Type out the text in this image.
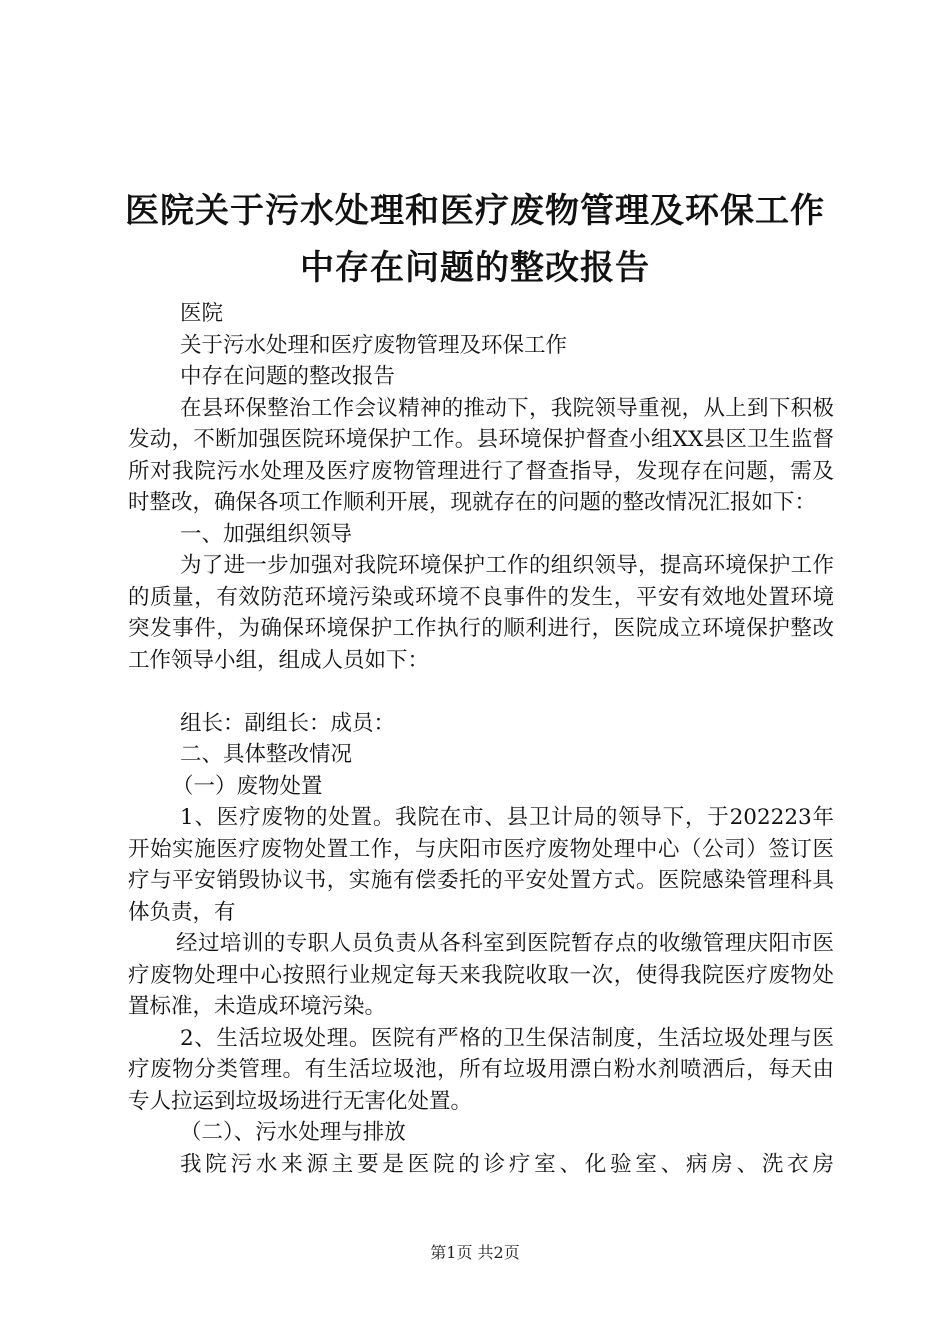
医院关于污水处理和医疗废物管理及环保工作
中存在问题的整改报告

医院

关于污水处理和医疗废物管理及环保工作

中存在问题的整改报告

在县环保整治工作会议精神的推动下，我院领导重视，从上到下积极发动，不断加强医院环境保护工作。县环境保护督查小组XX县区卫生监督所对我院污水处理及医疗废物管理进行了督查指导，发现存在问题，需及时整改，确保各项工作顺利开展，现就存在的问题的整改情况汇报如下：

一、加强组织领导

为了进一步加强对我院环境保护工作的组织领导，提高环境保护工作的质量，有效防范环境污染或环境不良事件的发生，平安有效地处置环境突发事件，为确保环境保护工作执行的顺利进行，医院成立环境保护整改工作领导小组，组成人员如下：

组长：副组长：成员：

二、具体整改情况

（一）废物处置

1、医疗废物的处置。我院在市、县卫计局的领导下，于202223年开始实施医疗废物处置工作，与庆阳市医疗废物处理中心（公司）签订医疗与平安销毁协议书，实施有偿委托的平安处置方式。医院感染管理科具体负责，有

经过培训的专职人员负责从各科室到医院暂存点的收缴管理庆阳市医疗废物处理中心按照行业规定每天来我院收取一次，使得我院医疗废物处置标准，未造成环境污染。

2、生活垃圾处理。医院有严格的卫生保洁制度，生活垃圾处理与医疗废物分类管理。有生活垃圾池，所有垃圾用漂白粉水剂喷洒后，每天由专人拉运到垃圾场进行无害化处置。

（二）、污水处理与排放

我院污水来源主要是医院的诊疗室、化验室、病房、洗衣房

第1页 共2页
